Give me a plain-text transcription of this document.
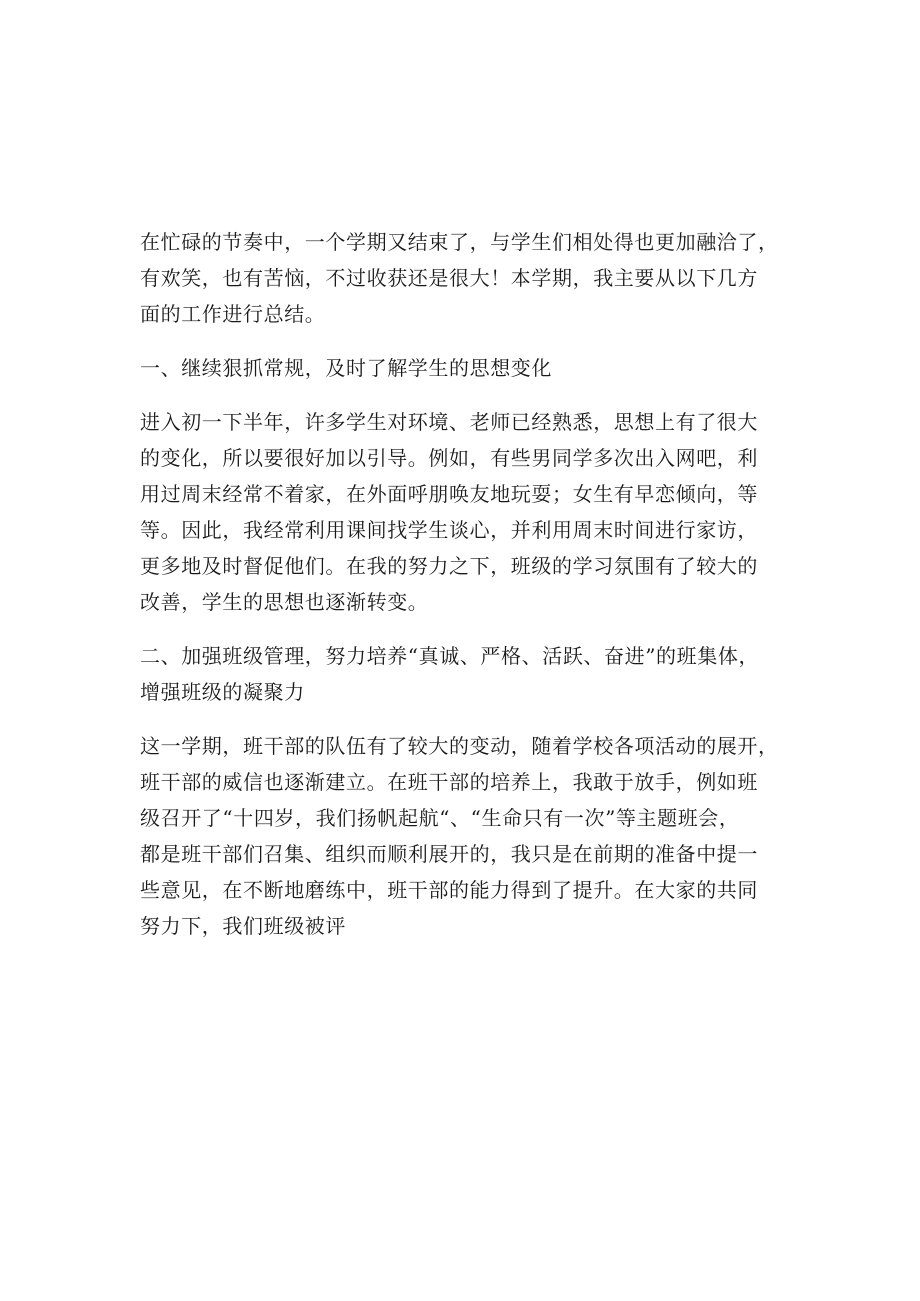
在忙碌的节奏中，一个学期又结束了，与学生们相处得也更加融洽了，
有欢笑，也有苦恼，不过收获还是很大！本学期，我主要从以下几方
面的工作进行总结。
一、继续狠抓常规，及时了解学生的思想变化
进入初一下半年，许多学生对环境、老师已经熟悉，思想上有了很大
的变化，所以要很好加以引导。例如，有些男同学多次出入网吧，利
用过周末经常不着家，在外面呼朋唤友地玩耍；女生有早恋倾向，等
等。因此，我经常利用课间找学生谈心，并利用周末时间进行家访，
更多地及时督促他们。在我的努力之下，班级的学习氛围有了较大的
改善，学生的思想也逐渐转变。
二、加强班级管理，努力培养“真诚、严格、活跃、奋进”的班集体，
增强班级的凝聚力
这一学期，班干部的队伍有了较大的变动，随着学校各项活动的展开，
班干部的威信也逐渐建立。在班干部的培养上，我敢于放手，例如班
级召开了“十四岁，我们扬帆起航“、“生命只有一次”等主题班会，
都是班干部们召集、组织而顺利展开的，我只是在前期的准备中提一
些意见，在不断地磨练中，班干部的能力得到了提升。在大家的共同
努力下，我们班级被评
